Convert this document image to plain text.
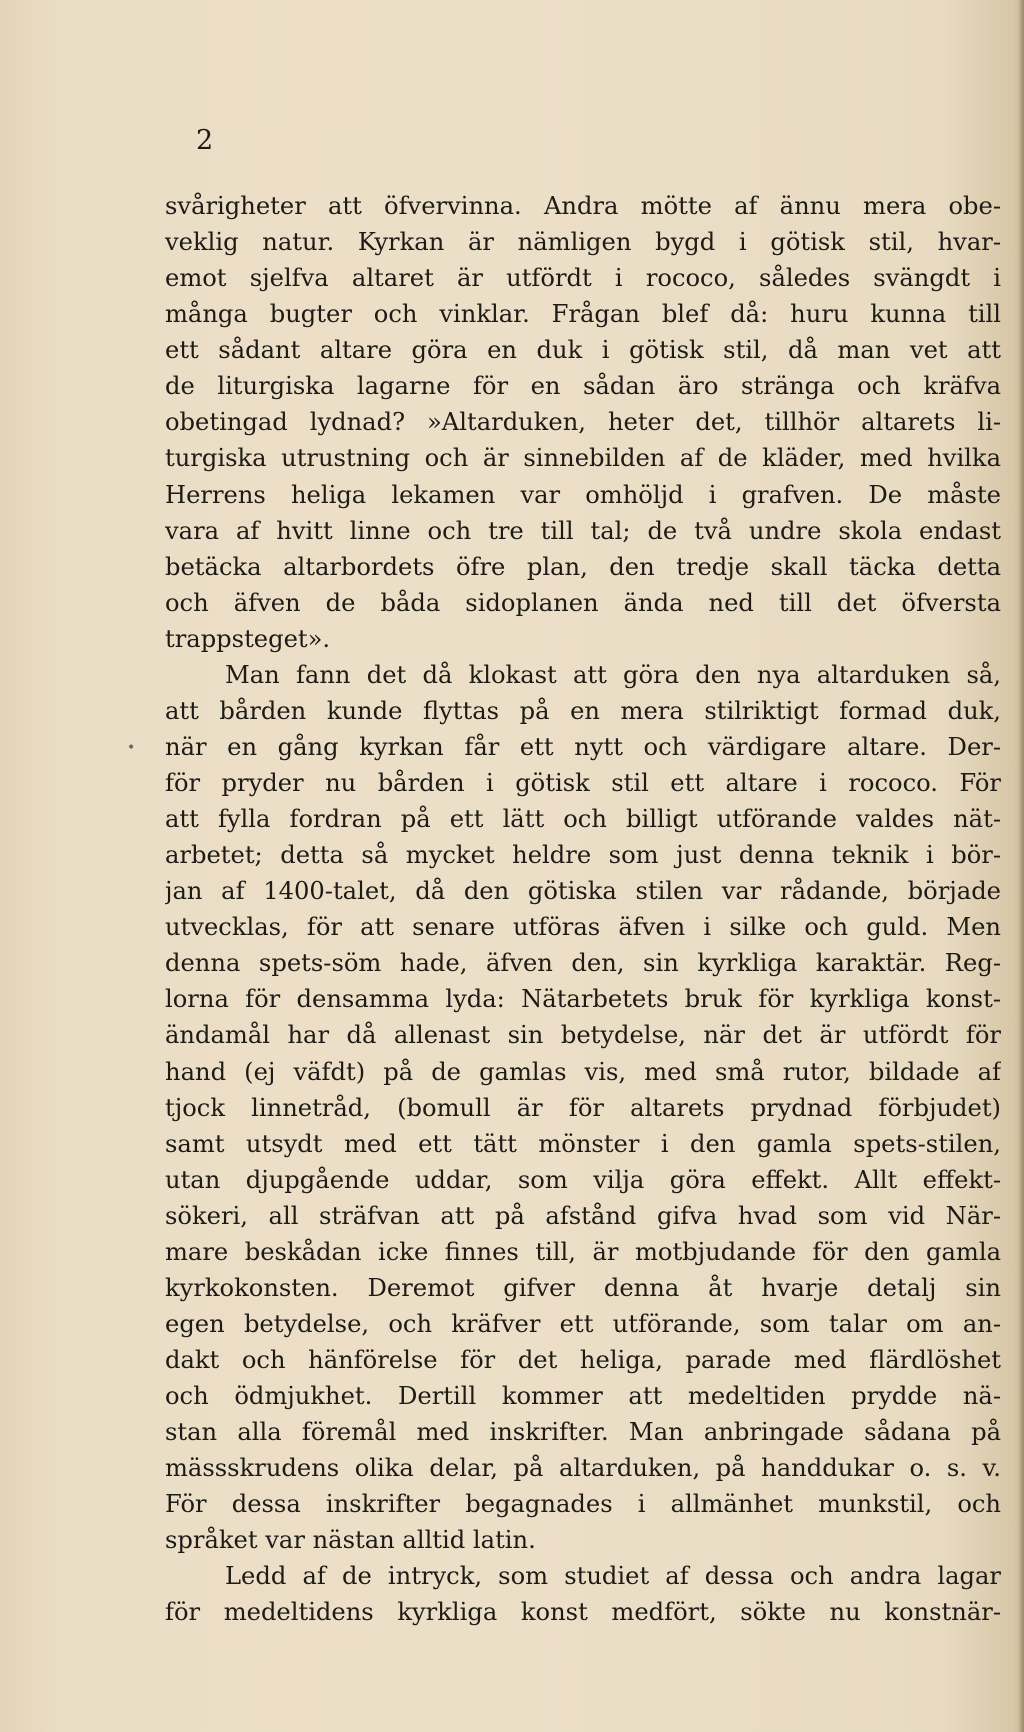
2
•
svårigheter att öfvervinna. Andra mötte af ännu mera obe-
veklig natur. Kyrkan är nämligen bygd i götisk stil, hvar-
emot sjelfva altaret är utfördt i rococo, således svängdt i
många bugter och vinklar. Frågan blef då: huru kunna till
ett sådant altare göra en duk i götisk stil, då man vet att
de liturgiska lagarne för en sådan äro stränga och kräfva
obetingad lydnad? »Altarduken, heter det, tillhör altarets li-
turgiska utrustning och är sinnebilden af de kläder, med hvilka
Herrens heliga lekamen var omhöljd i grafven. De måste
vara af hvitt linne och tre till tal; de två undre skola endast
betäcka altarbordets öfre plan, den tredje skall täcka detta
och äfven de båda sidoplanen ända ned till det öfversta
trappsteget».
Man fann det då klokast att göra den nya altarduken så,
att bården kunde flyttas på en mera stilriktigt formad duk,
när en gång kyrkan får ett nytt och värdigare altare. Der-
för pryder nu bården i götisk stil ett altare i rococo. För
att fylla fordran på ett lätt och billigt utförande valdes nät-
arbetet; detta så mycket heldre som just denna teknik i bör-
jan af 1400-talet, då den götiska stilen var rådande, började
utvecklas, för att senare utföras äfven i silke och guld. Men
denna spets-söm hade, äfven den, sin kyrkliga karaktär. Reg-
lorna för densamma lyda: Nätarbetets bruk för kyrkliga konst-
ändamål har då allenast sin betydelse, när det är utfördt för
hand (ej väfdt) på de gamlas vis, med små rutor, bildade af
tjock linnetråd, (bomull är för altarets prydnad förbjudet)
samt utsydt med ett tätt mönster i den gamla spets-stilen,
utan djupgående uddar, som vilja göra effekt. Allt effekt-
sökeri, all sträfvan att på afstånd gifva hvad som vid När-
mare beskådan icke finnes till, är motbjudande för den gamla
kyrkokonsten. Deremot gifver denna åt hvarje detalj sin
egen betydelse, och kräfver ett utförande, som talar om an-
dakt och hänförelse för det heliga, parade med flärdlöshet
och ödmjukhet. Dertill kommer att medeltiden prydde nä-
stan alla föremål med inskrifter. Man anbringade sådana på
mässskrudens olika delar, på altarduken, på handdukar o. s. v.
För dessa inskrifter begagnades i allmänhet munkstil, och
språket var nästan alltid latin.
Ledd af de intryck, som studiet af dessa och andra lagar
för medeltidens kyrkliga konst medfört, sökte nu konstnär-
